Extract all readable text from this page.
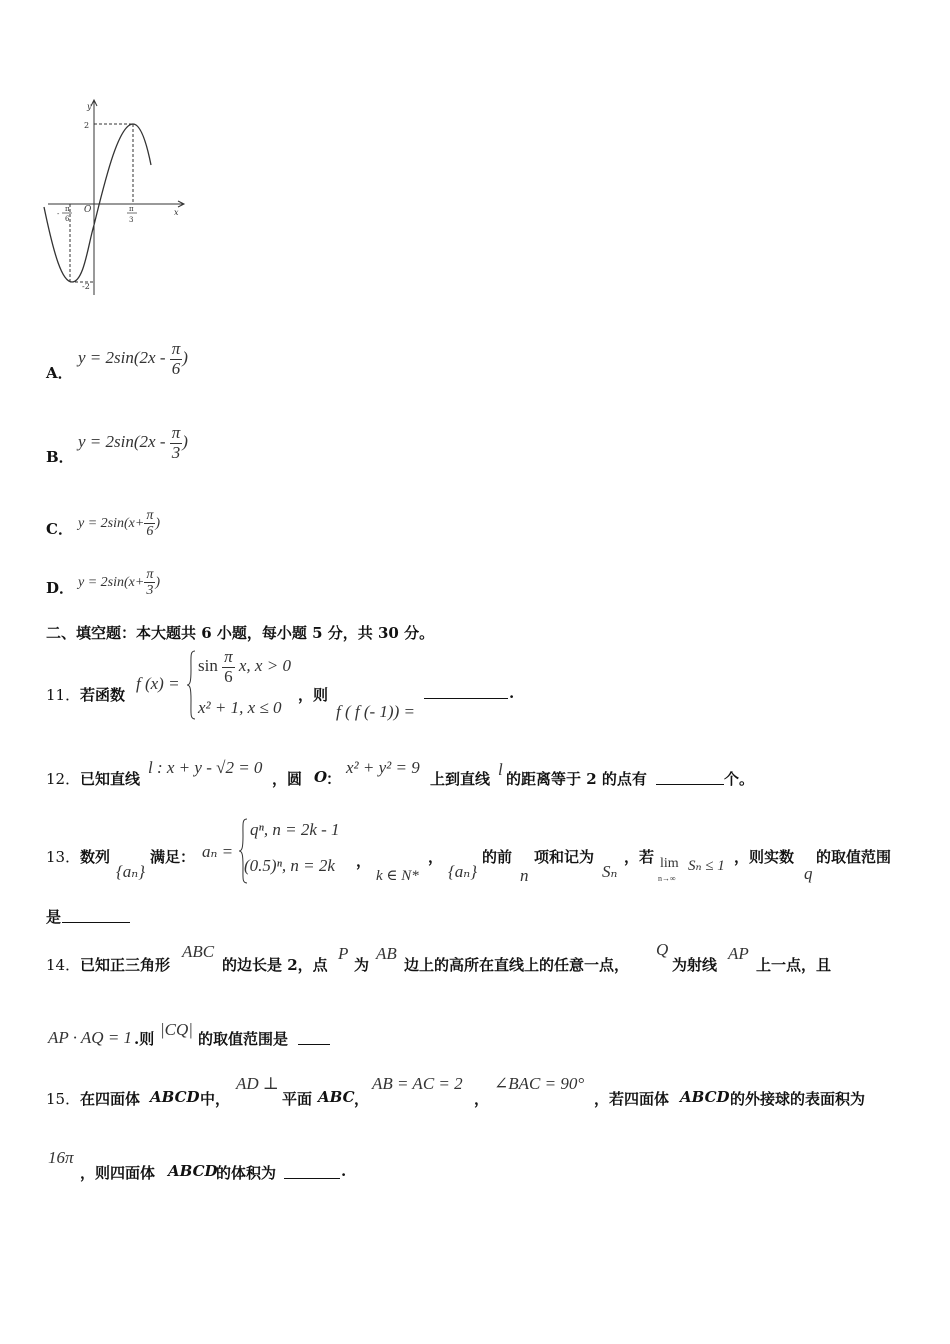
y
x
O
2
-2
π
6
-
π
3
A．
$y = 2\sin(2x - \frac{\pi}{6}$ )
B．
$y = 2\sin(2x - \frac{\pi}{3}$ )
C． $y = 2\sin(x+ \frac{\pi}{6}$ )
D． $y = 2\sin(x+ \frac{\pi}{3}$ )
二、填空题：本大题共 6 小题，每小题 5 分，共 30 分。
11． 若函数
f (x) =
$\sin \frac{\pi}{6} x$, x > 0
x² + 1, x ≤ 0
，则
f ( f (- 1)) =
.
12． 已知直线
l : x + y - √2 = 0
，圆 O
：
x² + y² = 9
上到直线 l 的距离等于 2 的点有	个。
13． 数列
{aₙ}
满足： aₙ =
qⁿ, n = 2k - 1
(0.5)ⁿ, n = 2k ，
k ∈ N*
，
{aₙ}
的前
n
项和记为
Sₙ
，若 lim
n→∞
Sₙ ≤ 1 ，则实数
q
的取值范围
是
14． 已知正三角形
ABC
的边长是 2，点
P
为
AB
边上的高所在直线上的任意一点，
Q
为射线
AP
上一点，且
AP · AQ = 1 .则 |CQ| 的取值范围是
15． 在四面体 ABCD 中，
AD ⊥
平面 ABC ，
AB = AC = 2
，
∠BAC = 90°
，若四面体 ABCD 的外接球的表面积为
16π
，则四面体 ABCD
的体积为	.
